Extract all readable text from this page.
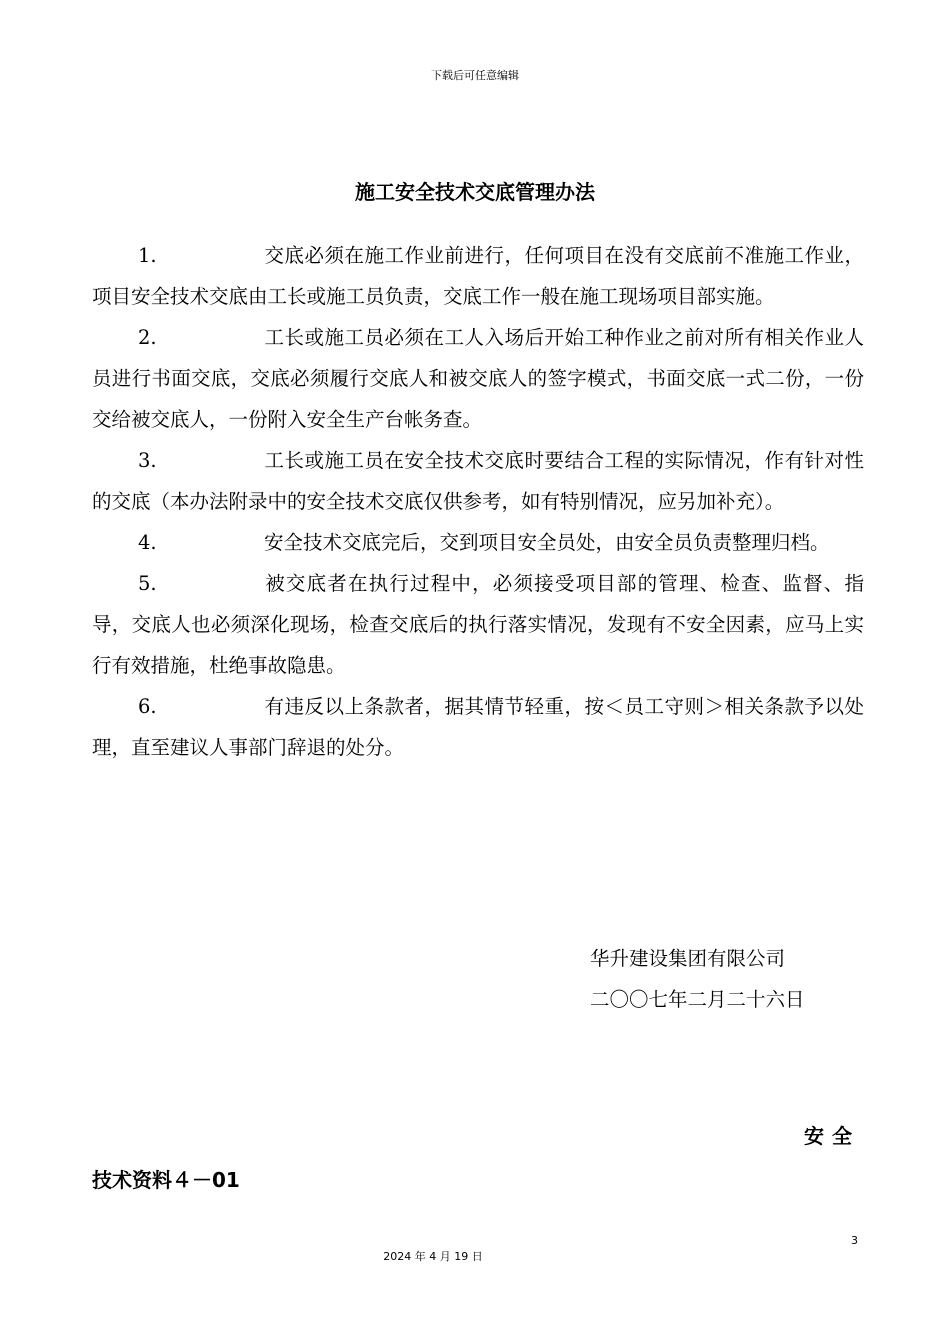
下载后可任意编辑
施工安全技术交底管理办法

1.	交底必须在施工作业前进行，任何项目在没有交底前不准施工作业，项目安全技术交底由工长或施工员负责，交底工作一般在施工现场项目部实施。

2.	工长或施工员必须在工人入场后开始工种作业之前对所有相关作业人员进行书面交底，交底必须履行交底人和被交底人的签字模式，书面交底一式二份，一份交给被交底人，一份附入安全生产台帐务查。

3.	工长或施工员在安全技术交底时要结合工程的实际情况，作有针对性的交底（本办法附录中的安全技术交底仅供参考，如有特别情况，应另加补充）。

4.	安全技术交底完后，交到项目安全员处，由安全员负责整理归档。

5.	被交底者在执行过程中，必须接受项目部的管理、检查、监督、指导，交底人也必须深化现场，检查交底后的执行落实情况，发现有不安全因素，应马上实行有效措施，杜绝事故隐患。

6.	有违反以上条款者，据其情节轻重，按＜员工守则＞相关条款予以处理，直至建议人事部门辞退的处分。

华升建设集团有限公司
二〇〇七年二月二十六日
安全
技术资料４－01
3
2024 年 4 月 19 日
